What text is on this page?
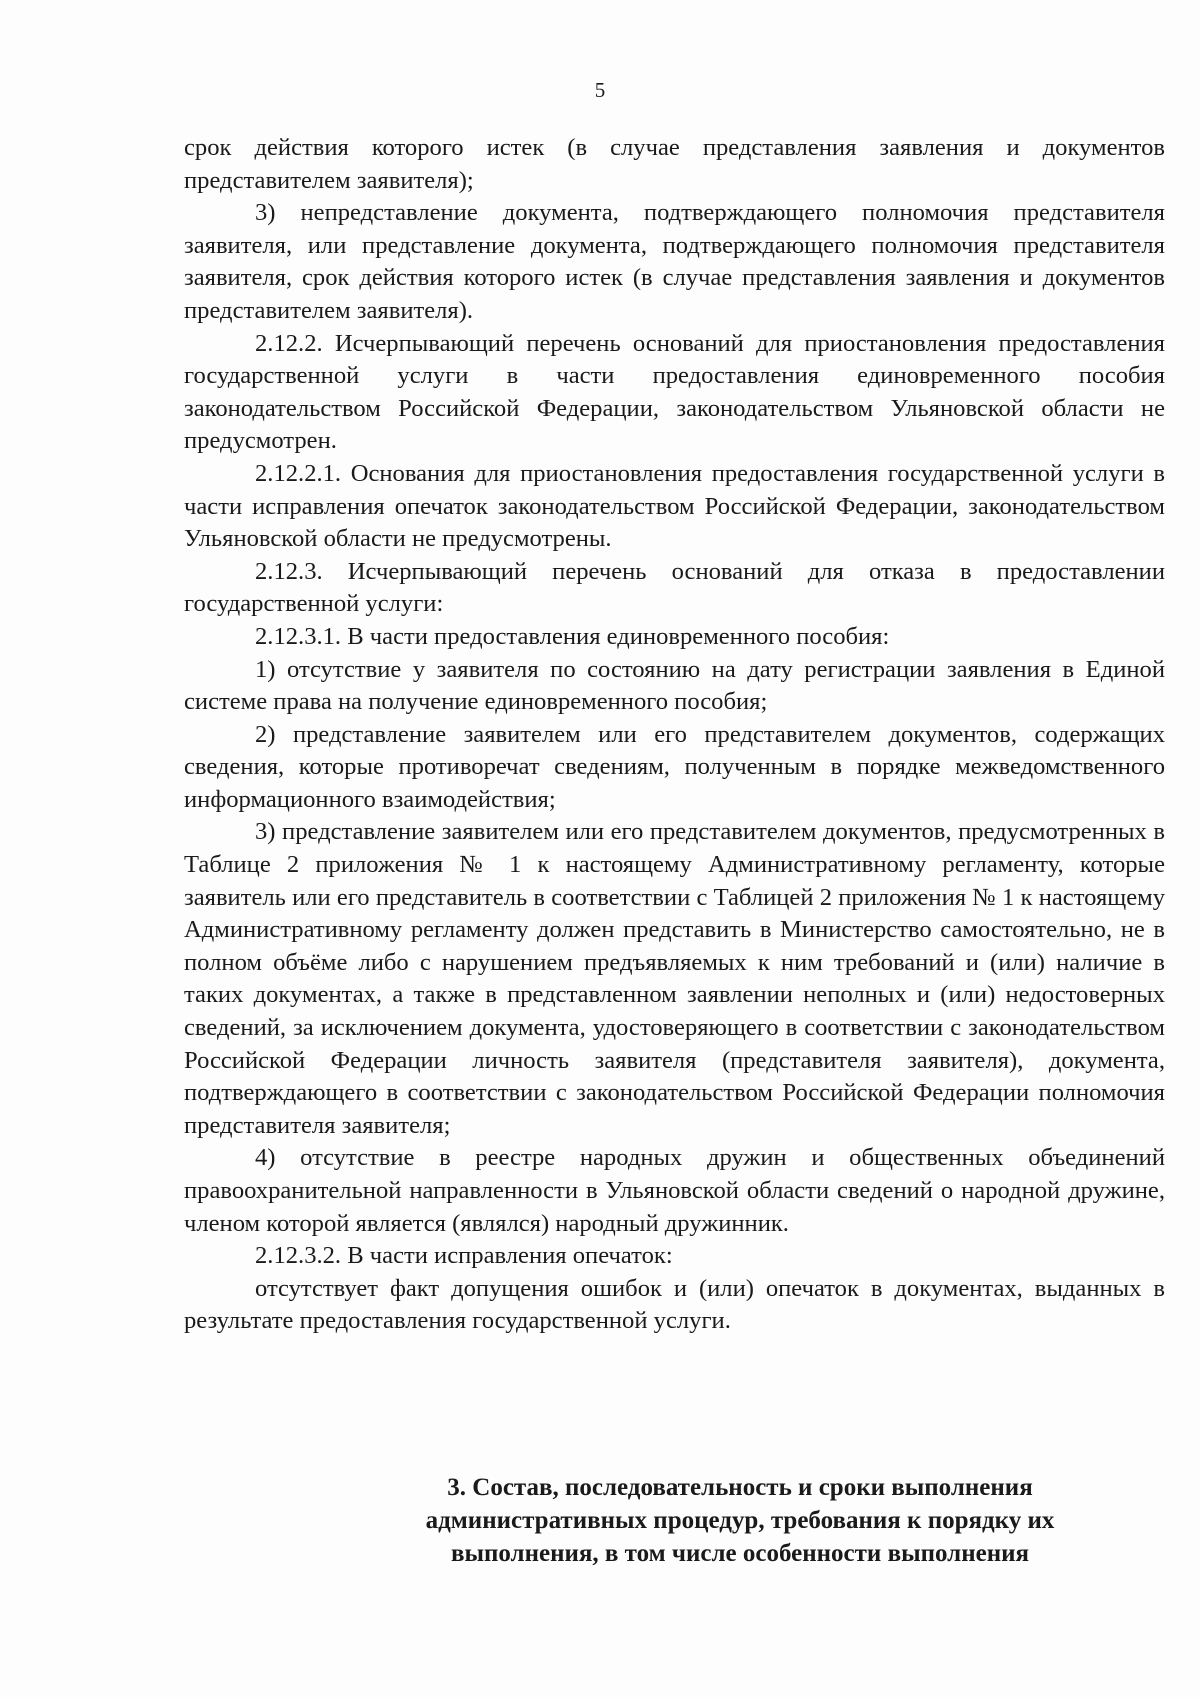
5

срок действия которого истек (в случае представления заявления и документов представителем заявителя);

3) непредставление документа, подтверждающего полномочия представителя заявителя, или представление документа, подтверждающего полномочия представителя заявителя, срок действия которого истек (в случае представления заявления и документов представителем заявителя).

2.12.2. Исчерпывающий перечень оснований для приостановления предоставления государственной услуги в части предоставления единовременного пособия законодательством Российской Федерации, законодательством Ульяновской области не предусмотрен.

2.12.2.1. Основания для приостановления предоставления государственной услуги в части исправления опечаток законодательством Российской Федерации, законодательством Ульяновской области не предусмотрены.

2.12.3. Исчерпывающий перечень оснований для отказа в предоставлении государственной услуги:

2.12.3.1. В части предоставления единовременного пособия:

1) отсутствие у заявителя по состоянию на дату регистрации заявления в Единой системе права на получение единовременного пособия;

2) представление заявителем или его представителем документов, содержащих сведения, которые противоречат сведениям, полученным в порядке межведомственного информационного взаимодействия;

3) представление заявителем или его представителем документов, предусмотренных в Таблице 2 приложения № 1 к настоящему Административному регламенту, которые заявитель или его представитель в соответствии с Таблицей 2 приложения № 1 к настоящему Административному регламенту должен представить в Министерство самостоятельно, не в полном объёме либо с нарушением предъявляемых к ним требований и (или) наличие в таких документах, а также в представленном заявлении неполных и (или) недостоверных сведений, за исключением документа, удостоверяющего в соответствии с законодательством Российской Федерации личность заявителя (представителя заявителя), документа, подтверждающего в соответствии с законодательством Российской Федерации полномочия представителя заявителя;

4) отсутствие в реестре народных дружин и общественных объединений правоохранительной направленности в Ульяновской области сведений о народной дружине, членом которой является (являлся) народный дружинник.

2.12.3.2. В части исправления опечаток:

отсутствует факт допущения ошибок и (или) опечаток в документах, выданных в результате предоставления государственной услуги.

3. Состав, последовательность и сроки выполнения административных процедур, требования к порядку их выполнения, в том числе особенности выполнения
